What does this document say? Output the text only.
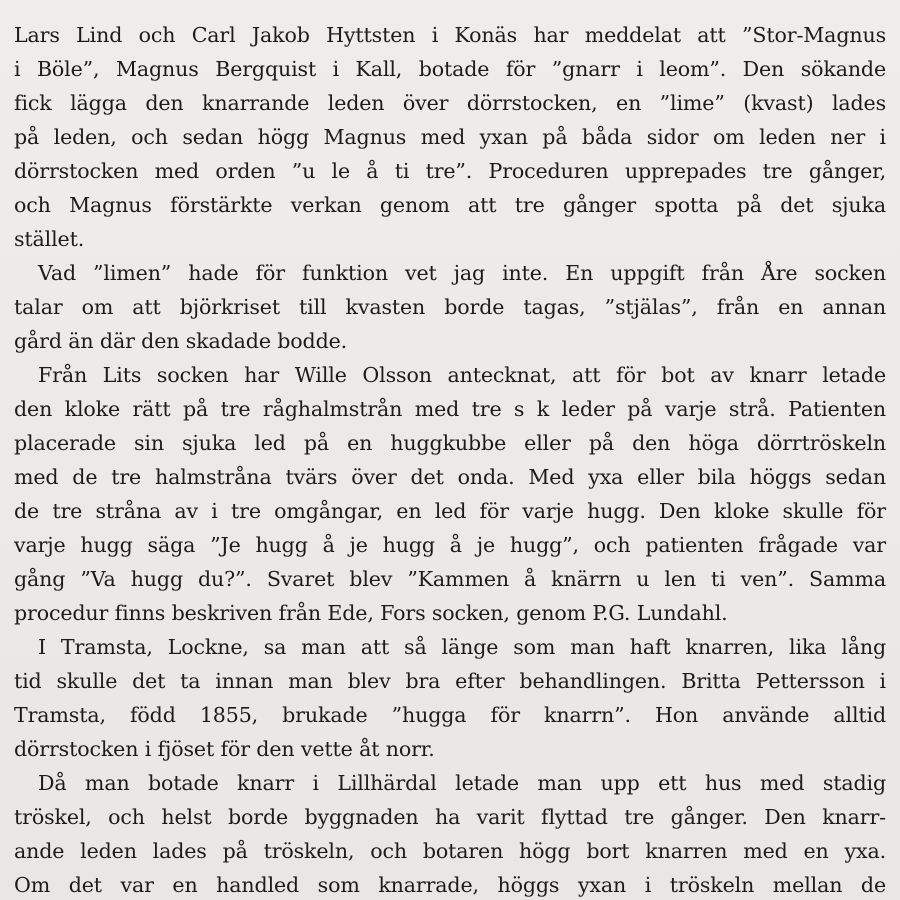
Lars Lind och Carl Jakob Hyttsten i Konäs har meddelat att ”Stor-Magnus
i Böle”, Magnus Bergquist i Kall, botade för ”gnarr i leom”. Den sökande
fick lägga den knarrande leden över dörrstocken, en ”lime” (kvast) lades
på leden, och sedan högg Magnus med yxan på båda sidor om leden ner i
dörrstocken med orden ”u le å ti tre”. Proceduren upprepades tre gånger,
och Magnus förstärkte verkan genom att tre gånger spotta på det sjuka
stället.
Vad ”limen” hade för funktion vet jag inte. En uppgift från Åre socken
talar om att björkriset till kvasten borde tagas, ”stjälas”, från en annan
gård än där den skadade bodde.
Från Lits socken har Wille Olsson antecknat, att för bot av knarr letade
den kloke rätt på tre råghalmstrån med tre s k leder på varje strå. Patienten
placerade sin sjuka led på en huggkubbe eller på den höga dörrtröskeln
med de tre halmstråna tvärs över det onda. Med yxa eller bila höggs sedan
de tre stråna av i tre omgångar, en led för varje hugg. Den kloke skulle för
varje hugg säga ”Je hugg å je hugg å je hugg”, och patienten frågade var
gång ”Va hugg du?”. Svaret blev ”Kammen å knärrn u len ti ven”. Samma
procedur finns beskriven från Ede, Fors socken, genom P.G. Lundahl.
I Tramsta, Lockne, sa man att så länge som man haft knarren, lika lång
tid skulle det ta innan man blev bra efter behandlingen. Britta Pettersson i
Tramsta, född 1855, brukade ”hugga för knarrn”. Hon använde alltid
dörrstocken i fjöset för den vette åt norr.
Då man botade knarr i Lillhärdal letade man upp ett hus med stadig
tröskel, och helst borde byggnaden ha varit flyttad tre gånger. Den knarr-
ande leden lades på tröskeln, och botaren högg bort knarren med en yxa.
Om det var en handled som knarrade, höggs yxan i tröskeln mellan de
